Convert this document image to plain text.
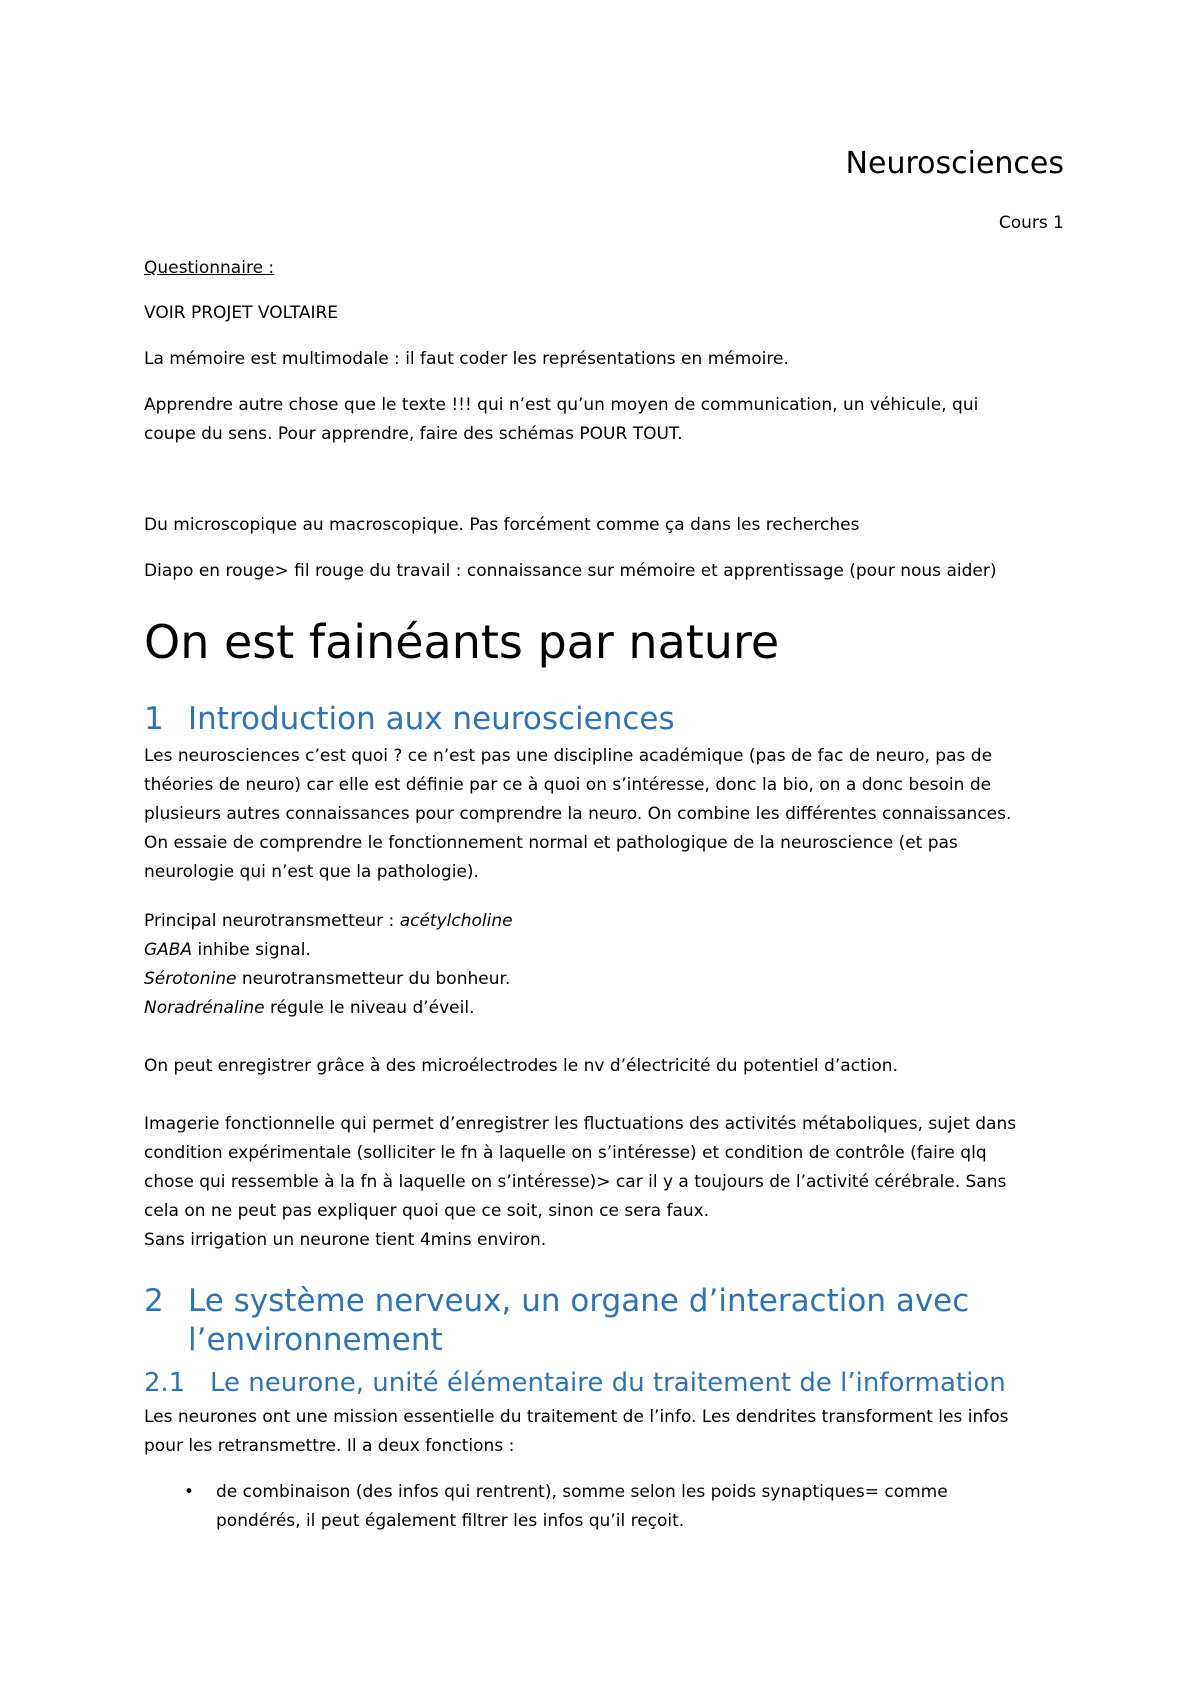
Neurosciences
Cours 1
Questionnaire :
VOIR PROJET VOLTAIRE
La mémoire est multimodale : il faut coder les représentations en mémoire.
Apprendre autre chose que le texte !!! qui n’est qu’un moyen de communication, un véhicule, qui
coupe du sens. Pour apprendre, faire des schémas POUR TOUT.
Du microscopique au macroscopique. Pas forcément comme ça dans les recherches
Diapo en rouge> fil rouge du travail : connaissance sur mémoire et apprentissage (pour nous aider)
On est fainéants par nature
1 Introduction aux neurosciences
Les neurosciences c’est quoi ? ce n’est pas une discipline académique (pas de fac de neuro, pas de
théories de neuro) car elle est définie par ce à quoi on s’intéresse, donc la bio, on a donc besoin de
plusieurs autres connaissances pour comprendre la neuro. On combine les différentes connaissances.
On essaie de comprendre le fonctionnement normal et pathologique de la neuroscience (et pas
neurologie qui n’est que la pathologie).
Principal neurotransmetteur : acétylcholine
GABA inhibe signal.
Sérotonine neurotransmetteur du bonheur.
Noradrénaline régule le niveau d’éveil.
On peut enregistrer grâce à des microélectrodes le nv d’électricité du potentiel d’action.
Imagerie fonctionnelle qui permet d’enregistrer les fluctuations des activités métaboliques, sujet dans
condition expérimentale (solliciter le fn à laquelle on s’intéresse) et condition de contrôle (faire qlq
chose qui ressemble à la fn à laquelle on s’intéresse)> car il y a toujours de l’activité cérébrale. Sans
cela on ne peut pas expliquer quoi que ce soit, sinon ce sera faux.
Sans irrigation un neurone tient 4mins environ.
2 Le système nerveux, un organe d’interaction avec
l’environnement
2.1 Le neurone, unité élémentaire du traitement de l’information
Les neurones ont une mission essentielle du traitement de l’info. Les dendrites transforment les infos
pour les retransmettre. Il a deux fonctions :
• de combinaison (des infos qui rentrent), somme selon les poids synaptiques= comme
pondérés, il peut également filtrer les infos qu’il reçoit.
